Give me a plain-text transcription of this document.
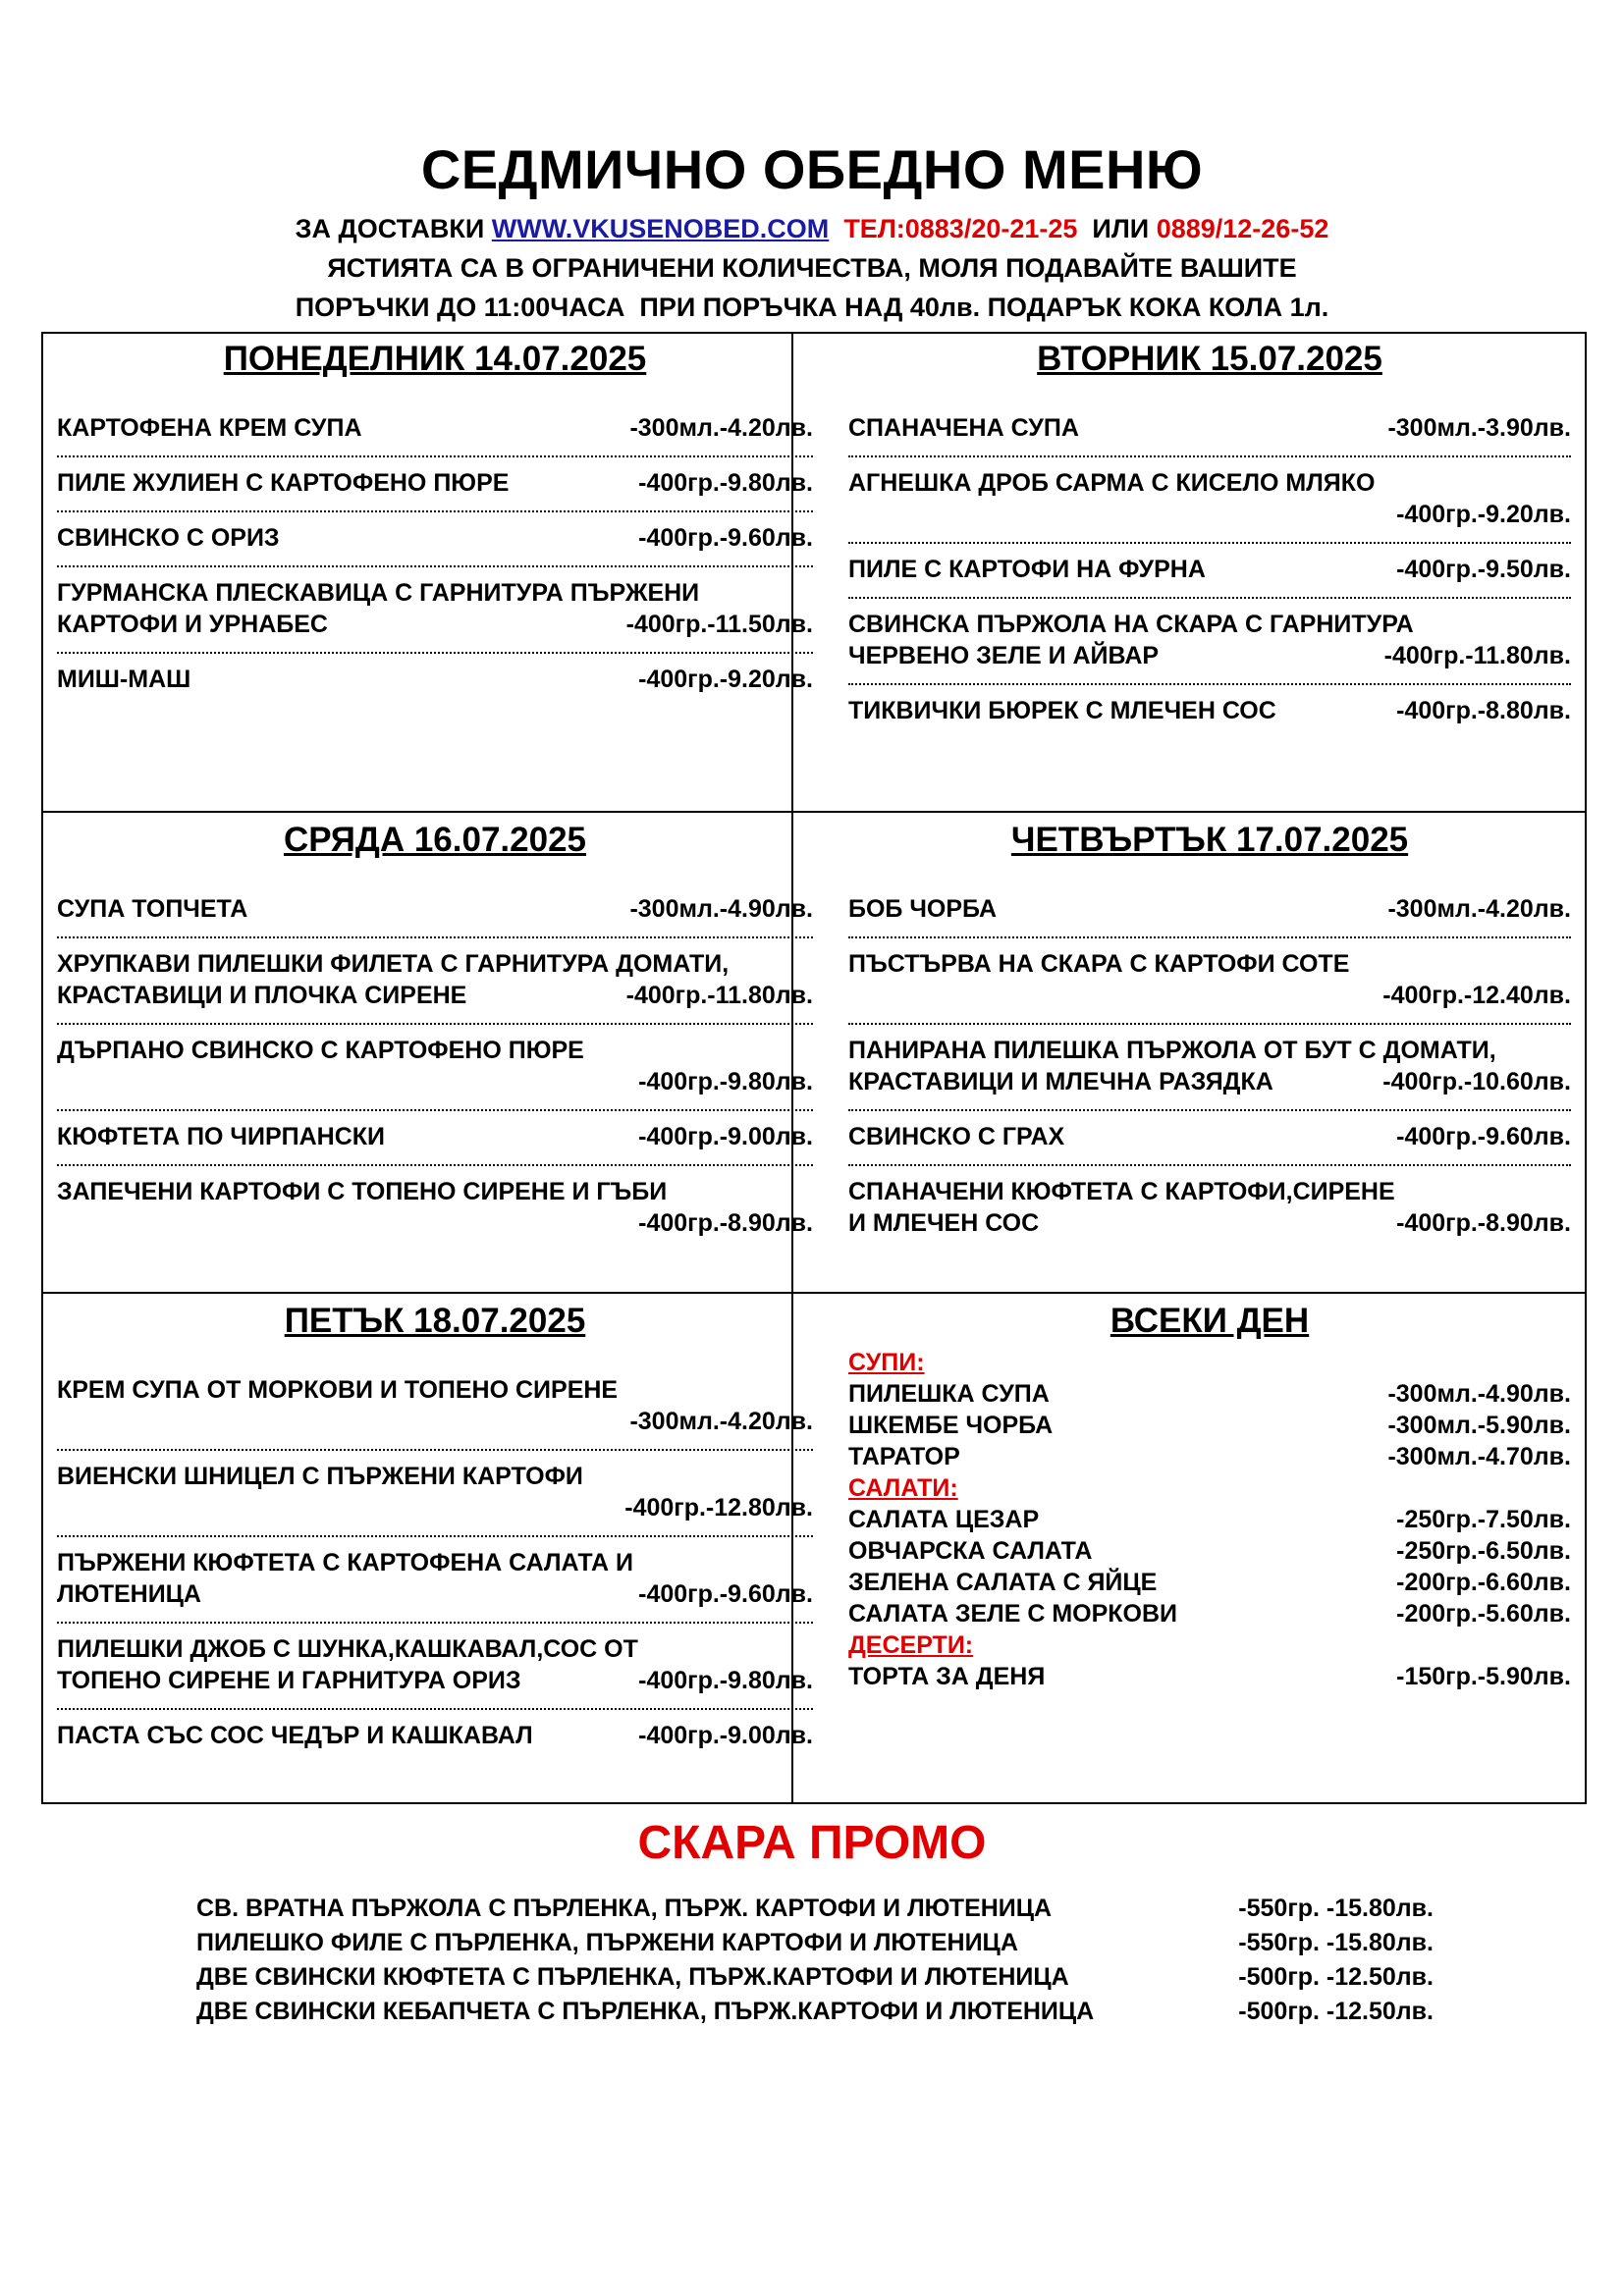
СЕДМИЧНО ОБЕДНО МЕНЮ
ЗА ДОСТАВКИ WWW.VKUSENOBED.COM ТЕЛ:0883/20-21-25 ИЛИ 0889/12-26-52
ЯСТИЯТА СА В ОГРАНИЧЕНИ КОЛИЧЕСТВА, МОЛЯ ПОДАВАЙТЕ ВАШИТЕ
ПОРЪЧКИ ДО 11:00ЧАСА  ПРИ ПОРЪЧКА НАД 40лв. ПОДАРЪК КОКА КОЛА 1л.
ПОНЕДЕЛНИК 14.07.2025
КАРТОФЕНА КРЕМ СУПА	-300мл.-4.20лв.
ПИЛЕ ЖУЛИЕН С КАРТОФЕНО ПЮРЕ	-400гр.-9.80лв.
СВИНСКО С ОРИЗ	-400гр.-9.60лв.
ГУРМАНСКА ПЛЕСКАВИЦА С ГАРНИТУРА ПЪРЖЕНИ
КАРТОФИ И УРНАБЕС	-400гр.-11.50лв.
МИШ-МАШ	-400гр.-9.20лв.
ВТОРНИК 15.07.2025
СПАНАЧЕНА СУПА	-300мл.-3.90лв.
АГНЕШКА ДРОБ САРМА С КИСЕЛО МЛЯКО
-400гр.-9.20лв.
ПИЛЕ С КАРТОФИ НА ФУРНА	-400гр.-9.50лв.
СВИНСКА ПЪРЖОЛА НА СКАРА С ГАРНИТУРА
ЧЕРВЕНО ЗЕЛЕ И АЙВАР	-400гр.-11.80лв.
ТИКВИЧКИ БЮРЕК С МЛЕЧЕН СОС	-400гр.-8.80лв.
СРЯДА 16.07.2025
СУПА ТОПЧЕТА	-300мл.-4.90лв.
ХРУПКАВИ ПИЛЕШКИ ФИЛЕТА С ГАРНИТУРА ДОМАТИ,
КРАСТАВИЦИ И ПЛОЧКА СИРЕНЕ	-400гр.-11.80лв.
ДЪРПАНО СВИНСКО С КАРТОФЕНО ПЮРЕ
-400гр.-9.80лв.
КЮФТЕТА ПО ЧИРПАНСКИ	-400гр.-9.00лв.
ЗАПЕЧЕНИ КАРТОФИ С ТОПЕНО СИРЕНЕ И ГЪБИ
-400гр.-8.90лв.
ЧЕТВЪРТЪК 17.07.2025
БОБ ЧОРБА	-300мл.-4.20лв.
ПЪСТЪРВА НА СКАРА С КАРТОФИ СОТЕ
-400гр.-12.40лв.
ПАНИРАНА ПИЛЕШКА ПЪРЖОЛА ОТ БУТ С ДОМАТИ,
КРАСТАВИЦИ И МЛЕЧНА РАЗЯДКА	-400гр.-10.60лв.
СВИНСКО С ГРАХ	-400гр.-9.60лв.
СПАНАЧЕНИ КЮФТЕТА С КАРТОФИ,СИРЕНЕ
И МЛЕЧЕН СОС	-400гр.-8.90лв.
ПЕТЪК 18.07.2025
КРЕМ СУПА ОТ МОРКОВИ И ТОПЕНО СИРЕНЕ
-300мл.-4.20лв.
ВИЕНСКИ ШНИЦЕЛ С ПЪРЖЕНИ КАРТОФИ
-400гр.-12.80лв.
ПЪРЖЕНИ КЮФТЕТА С КАРТОФЕНА САЛАТА И
ЛЮТЕНИЦА	-400гр.-9.60лв.
ПИЛЕШКИ ДЖОБ С ШУНКА,КАШКАВАЛ,СОС ОТ
ТОПЕНО СИРЕНЕ И ГАРНИТУРА ОРИЗ	-400гр.-9.80лв.
ПАСТА СЪС СОС ЧЕДЪР И КАШКАВАЛ	-400гр.-9.00лв.
ВСЕКИ ДЕН
СУПИ:
ПИЛЕШКА СУПА	-300мл.-4.90лв.
ШКЕМБЕ ЧОРБА	-300мл.-5.90лв.
ТАРАТОР	-300мл.-4.70лв.
САЛАТИ:
САЛАТА ЦЕЗАР	-250гр.-7.50лв.
ОВЧАРСКА САЛАТА	-250гр.-6.50лв.
ЗЕЛЕНА САЛАТА С ЯЙЦЕ	-200гр.-6.60лв.
САЛАТА ЗЕЛЕ С МОРКОВИ	-200гр.-5.60лв.
ДЕСЕРТИ:
ТОРТА ЗА ДЕНЯ	-150гр.-5.90лв.
СКАРА ПРОМО
СВ. ВРАТНА ПЪРЖОЛА С ПЪРЛЕНКА, ПЪРЖ. КАРТОФИ И ЛЮТЕНИЦА	-550гр. -15.80лв.
ПИЛЕШКО ФИЛЕ С ПЪРЛЕНКА, ПЪРЖЕНИ КАРТОФИ И ЛЮТЕНИЦА	-550гр. -15.80лв.
ДВЕ СВИНСКИ КЮФТЕТА С ПЪРЛЕНКА, ПЪРЖ.КАРТОФИ И ЛЮТЕНИЦА	-500гр. -12.50лв.
ДВЕ СВИНСКИ КЕБАПЧЕТА С ПЪРЛЕНКА, ПЪРЖ.КАРТОФИ И ЛЮТЕНИЦА	-500гр. -12.50лв.
